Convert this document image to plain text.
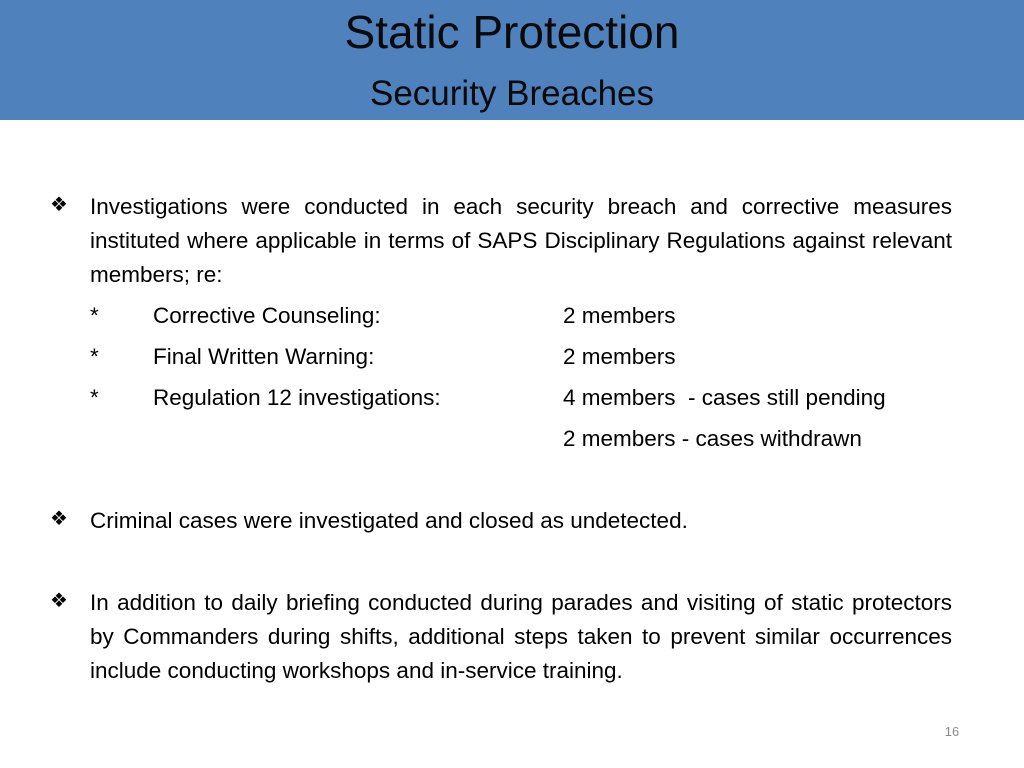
Static Protection
Security Breaches
❖ Investigations were conducted in each security breach and corrective measures instituted where applicable in terms of SAPS Disciplinary Regulations against relevant members; re:
* Corrective Counseling:	2 members
* Final Written Warning:	2 members
* Regulation 12 investigations:	4 members  - cases still pending
2 members - cases withdrawn
❖ Criminal cases were investigated and closed as undetected.
❖ In addition to daily briefing conducted during parades and visiting of static protectors by Commanders during shifts, additional steps taken to prevent similar occurrences include conducting workshops and in-service training.
16
